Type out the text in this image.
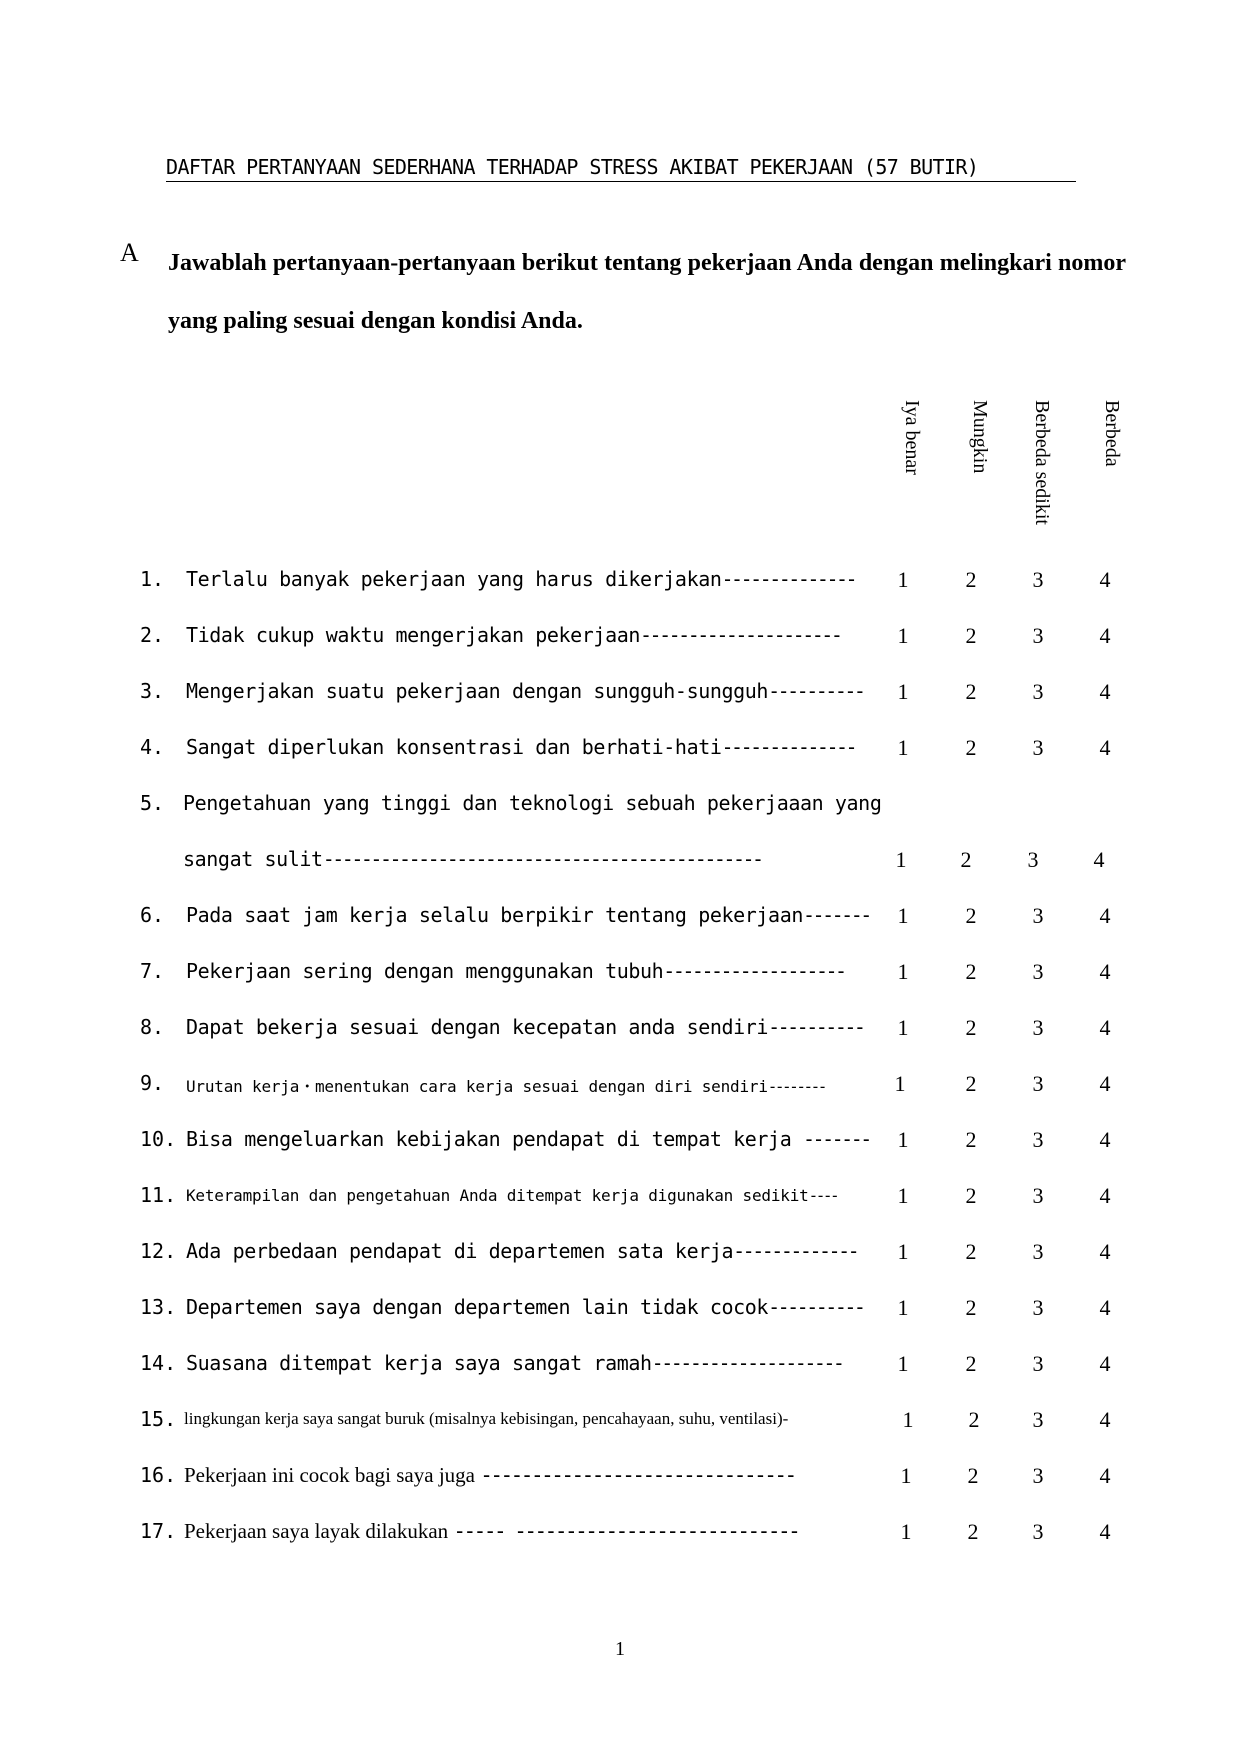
DAFTAR PERTANYAAN SEDERHANA TERHADAP STRESS AKIBAT PEKERJAAN (57 BUTIR)
A Jawablah pertanyaan-pertanyaan berikut tentang pekerjaan Anda dengan melingkari nomor yang paling sesuai dengan kondisi Anda.
Iya benar Mungkin Berbeda sedikit Berbeda
1. Terlalu banyak pekerjaan yang harus dikerjakan--------------	1	2	3	4
2. Tidak cukup waktu mengerjakan pekerjaan---------------------	1	2	3	4
3. Mengerjakan suatu pekerjaan dengan sungguh-sungguh----------	1	2	3	4
4. Sangat diperlukan konsentrasi dan berhati-hati--------------	1	2	3	4
5. Pengetahuan yang tinggi dan teknologi sebuah pekerjaaan yang
sangat sulit----------------------------------------------	1	2	3	4
6. Pada saat jam kerja selalu berpikir tentang pekerjaan-------	1	2	3	4
7. Pekerjaan sering dengan menggunakan tubuh-------------------	1	2	3	4
8. Dapat bekerja sesuai dengan kecepatan anda sendiri----------	1	2	3	4
9. Urutan kerja・menentukan cara kerja sesuai dengan diri sendiri--------	1	2	3	4
10. Bisa mengeluarkan kebijakan pendapat di tempat kerja -------	1	2	3	4
11. Keterampilan dan pengetahuan Anda ditempat kerja digunakan sedikit----	1	2	3	4
12. Ada perbedaan pendapat di departemen sata kerja-------------	1	2	3	4
13. Departemen saya dengan departemen lain tidak cocok----------	1	2	3	4
14. Suasana ditempat kerja saya sangat ramah--------------------	1	2	3	4
15. lingkungan kerja saya sangat buruk (misalnya kebisingan, pencahayaan, suhu, ventilasi)-	1	2	3	4
16. Pekerjaan ini cocok bagi saya juga -------------------------------	1	2	3	4
17. Pekerjaan saya layak dilakukan ----- ----------------------------	1	2	3	4
1
